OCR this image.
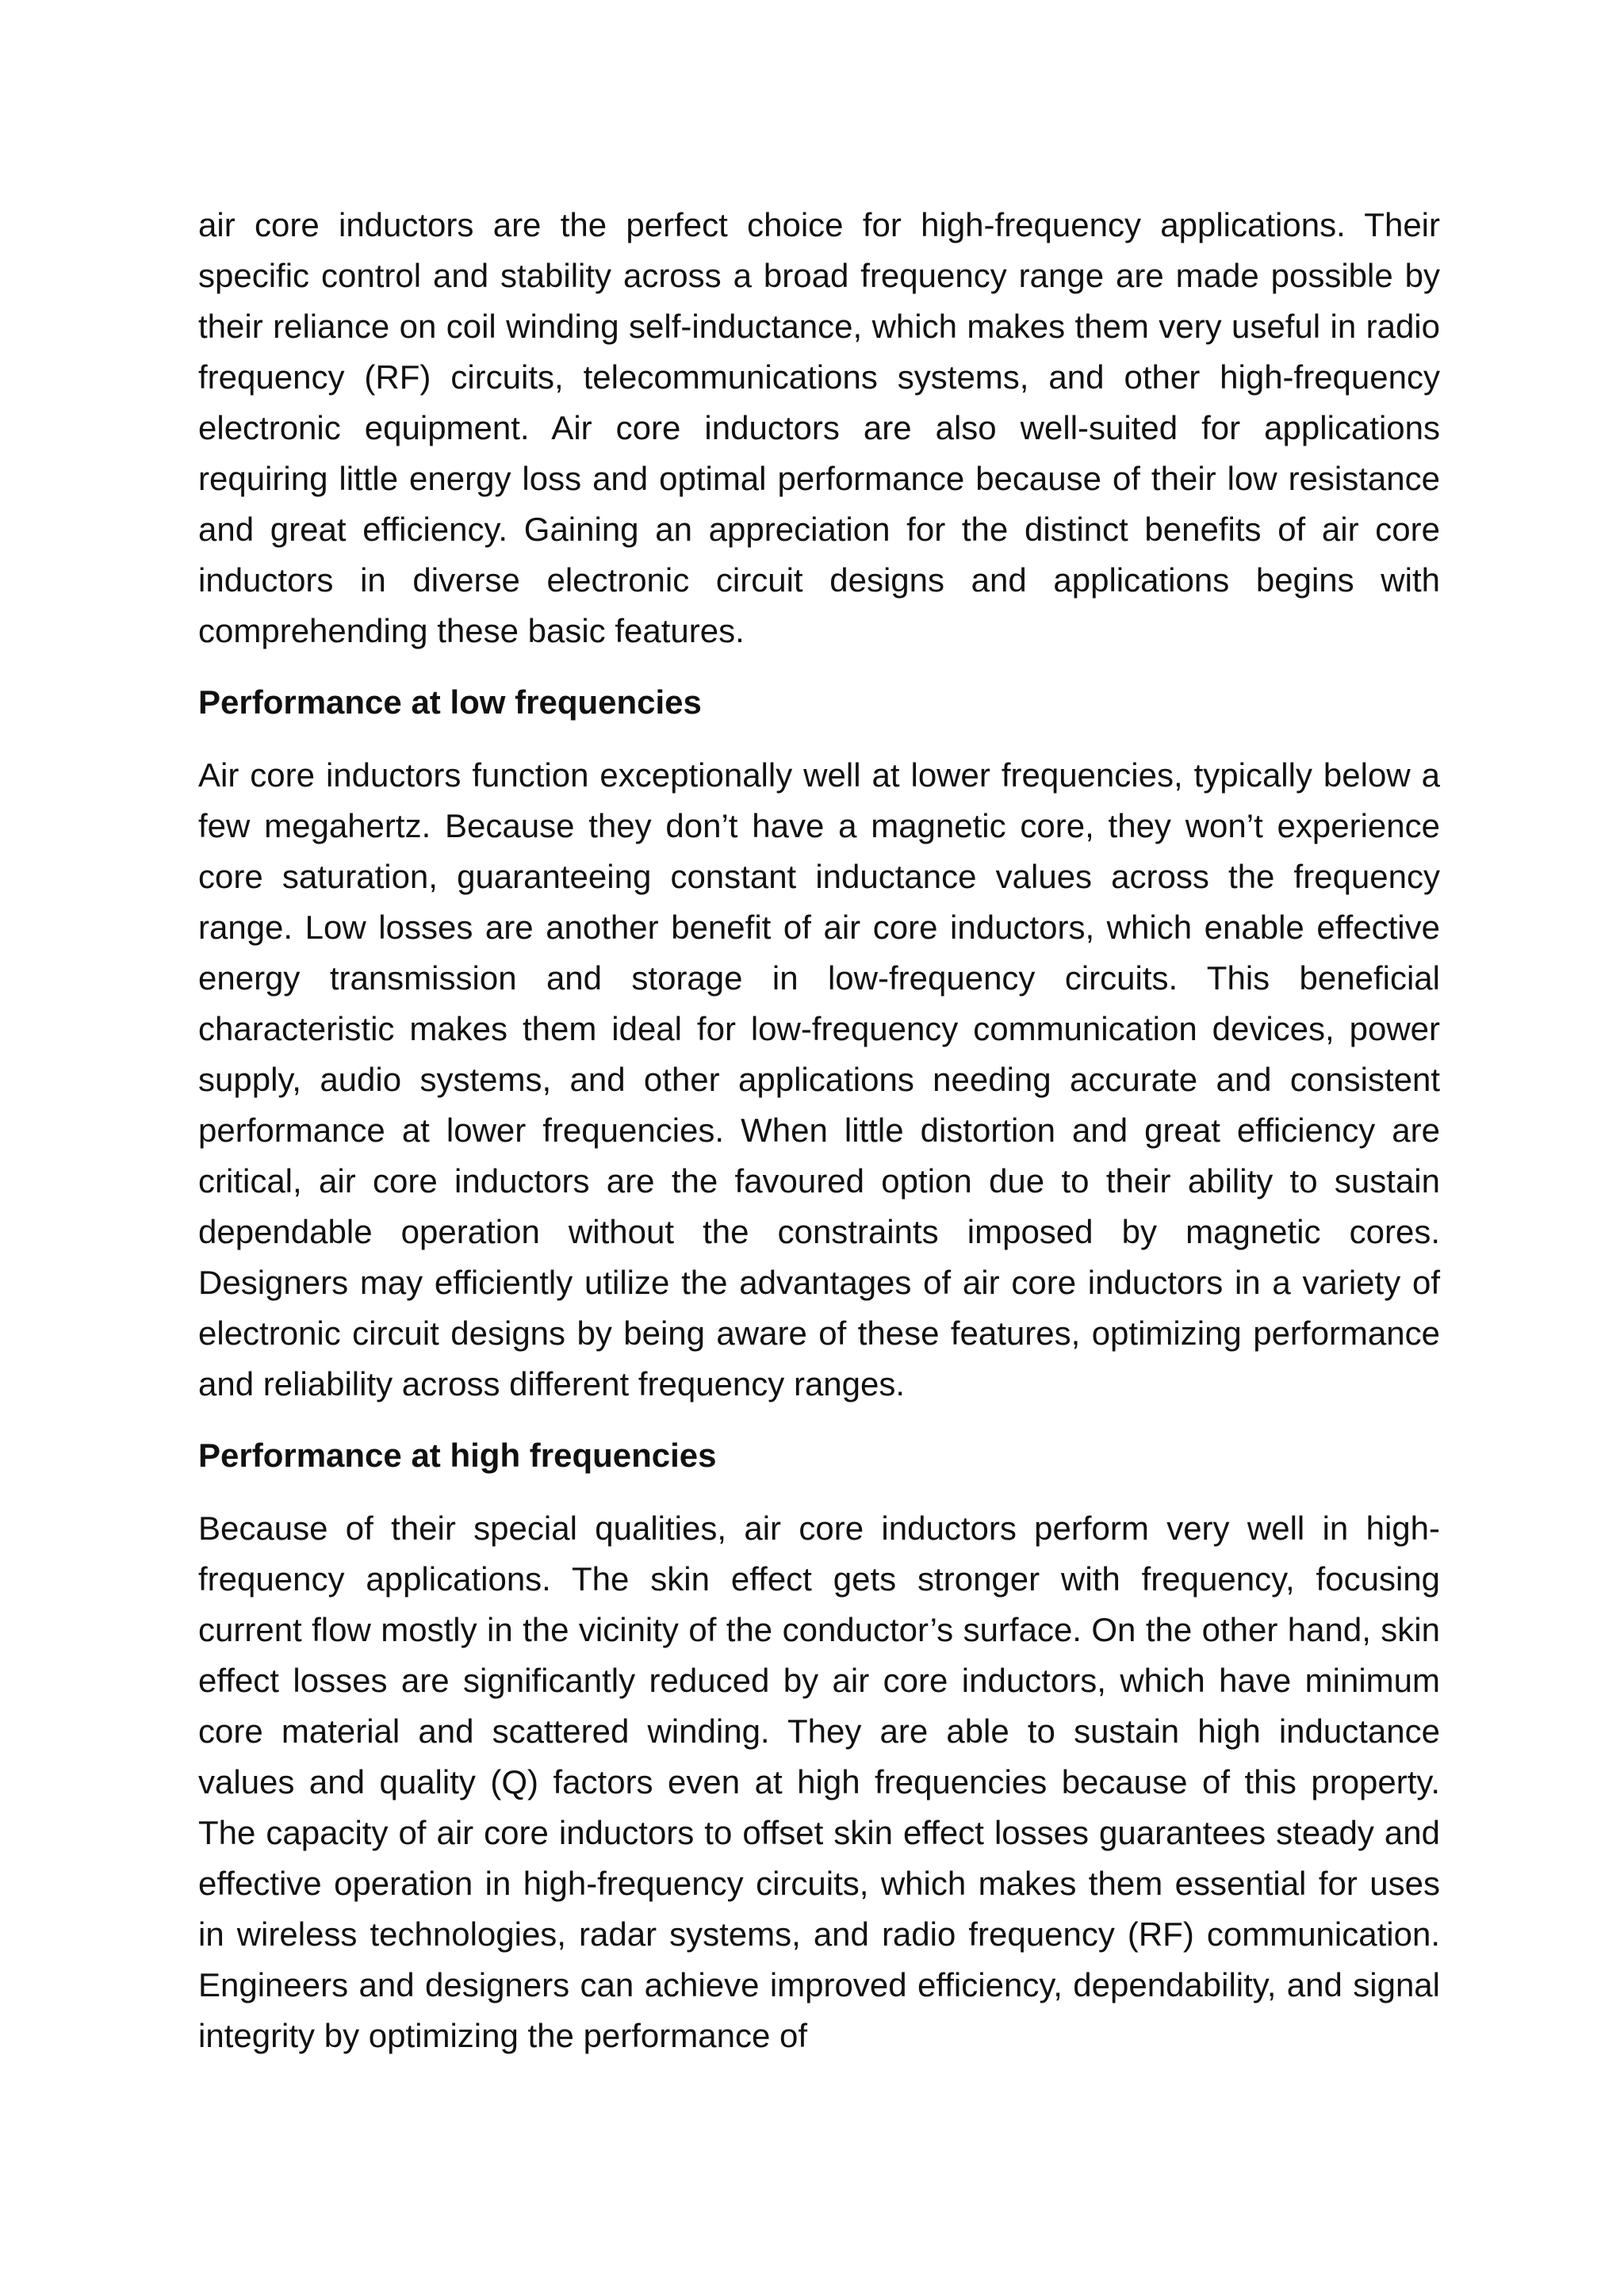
air core inductors are the perfect choice for high-frequency applications. Their specific control and stability across a broad frequency range are made possible by their reliance on coil winding self-inductance, which makes them very useful in radio frequency (RF) circuits, telecommunications systems, and other high-frequency electronic equipment. Air core inductors are also well-suited for applications requiring little energy loss and optimal performance because of their low resistance and great efficiency. Gaining an appreciation for the distinct benefits of air core inductors in diverse electronic circuit designs and applications begins with comprehending these basic features.

Performance at low frequencies

Air core inductors function exceptionally well at lower frequencies, typically below a few megahertz. Because they don’t have a magnetic core, they won’t experience core saturation, guaranteeing constant inductance values across the frequency range. Low losses are another benefit of air core inductors, which enable effective energy transmission and storage in low-frequency circuits. This beneficial characteristic makes them ideal for low-frequency communication devices, power supply, audio systems, and other applications needing accurate and consistent performance at lower frequencies. When little distortion and great efficiency are critical, air core inductors are the favoured option due to their ability to sustain dependable operation without the constraints imposed by magnetic cores. Designers may efficiently utilize the advantages of air core inductors in a variety of electronic circuit designs by being aware of these features, optimizing performance and reliability across different frequency ranges.

Performance at high frequencies

Because of their special qualities, air core inductors perform very well in high-frequency applications. The skin effect gets stronger with frequency, focusing current flow mostly in the vicinity of the conductor’s surface. On the other hand, skin effect losses are significantly reduced by air core inductors, which have minimum core material and scattered winding. They are able to sustain high inductance values and quality (Q) factors even at high frequencies because of this property. The capacity of air core inductors to offset skin effect losses guarantees steady and effective operation in high-frequency circuits, which makes them essential for uses in wireless technologies, radar systems, and radio frequency (RF) communication. Engineers and designers can achieve improved efficiency, dependability, and signal integrity by optimizing the performance of
